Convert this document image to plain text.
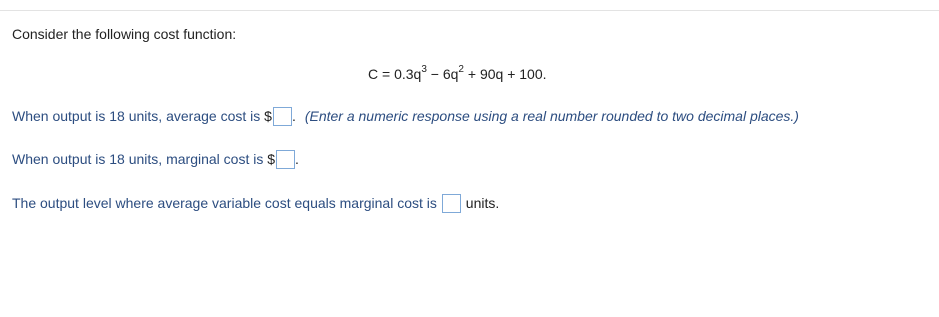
Consider the following cost function:
$C = 0.3q^3 - 6q^2 + 90q + 100$.
When output is 18 units, average cost is $ . (Enter a numeric response using a real number rounded to two decimal places.)
When output is 18 units, marginal cost is $ .
The output level where average variable cost equals marginal cost is units.
